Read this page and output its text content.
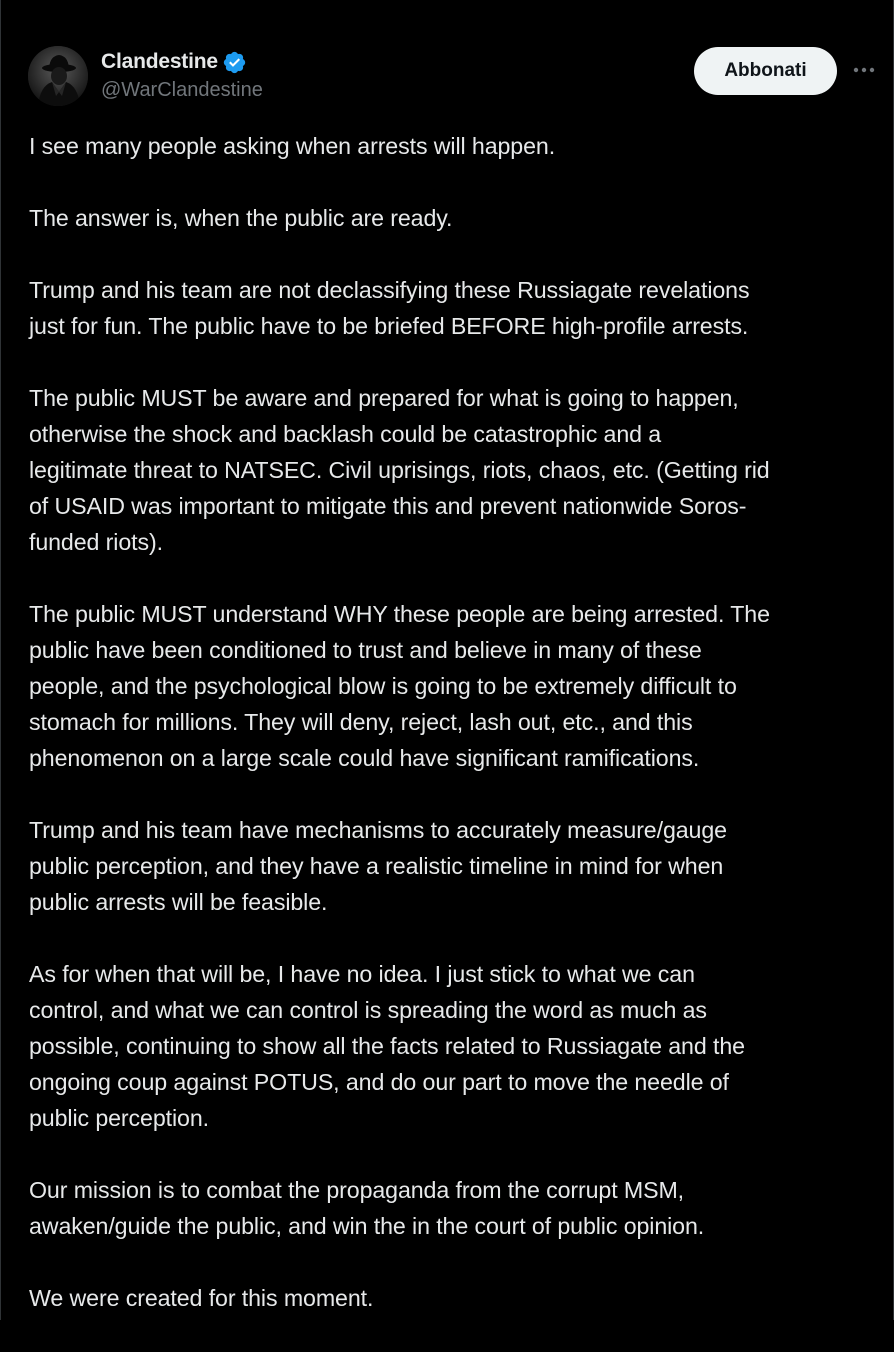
Clandestine
@WarClandestine
Abbonati

I see many people asking when arrests will happen.

The answer is, when the public are ready.

Trump and his team are not declassifying these Russiagate revelations
just for fun. The public have to be briefed BEFORE high-profile arrests.

The public MUST be aware and prepared for what is going to happen,
otherwise the shock and backlash could be catastrophic and a
legitimate threat to NATSEC. Civil uprisings, riots, chaos, etc. (Getting rid
of USAID was important to mitigate this and prevent nationwide Soros-
funded riots).

The public MUST understand WHY these people are being arrested. The
public have been conditioned to trust and believe in many of these
people, and the psychological blow is going to be extremely difficult to
stomach for millions. They will deny, reject, lash out, etc., and this
phenomenon on a large scale could have significant ramifications.

Trump and his team have mechanisms to accurately measure/gauge
public perception, and they have a realistic timeline in mind for when
public arrests will be feasible.

As for when that will be, I have no idea. I just stick to what we can
control, and what we can control is spreading the word as much as
possible, continuing to show all the facts related to Russiagate and the
ongoing coup against POTUS, and do our part to move the needle of
public perception.

Our mission is to combat the propaganda from the corrupt MSM,
awaken/guide the public, and win the in the court of public opinion.

We were created for this moment.
